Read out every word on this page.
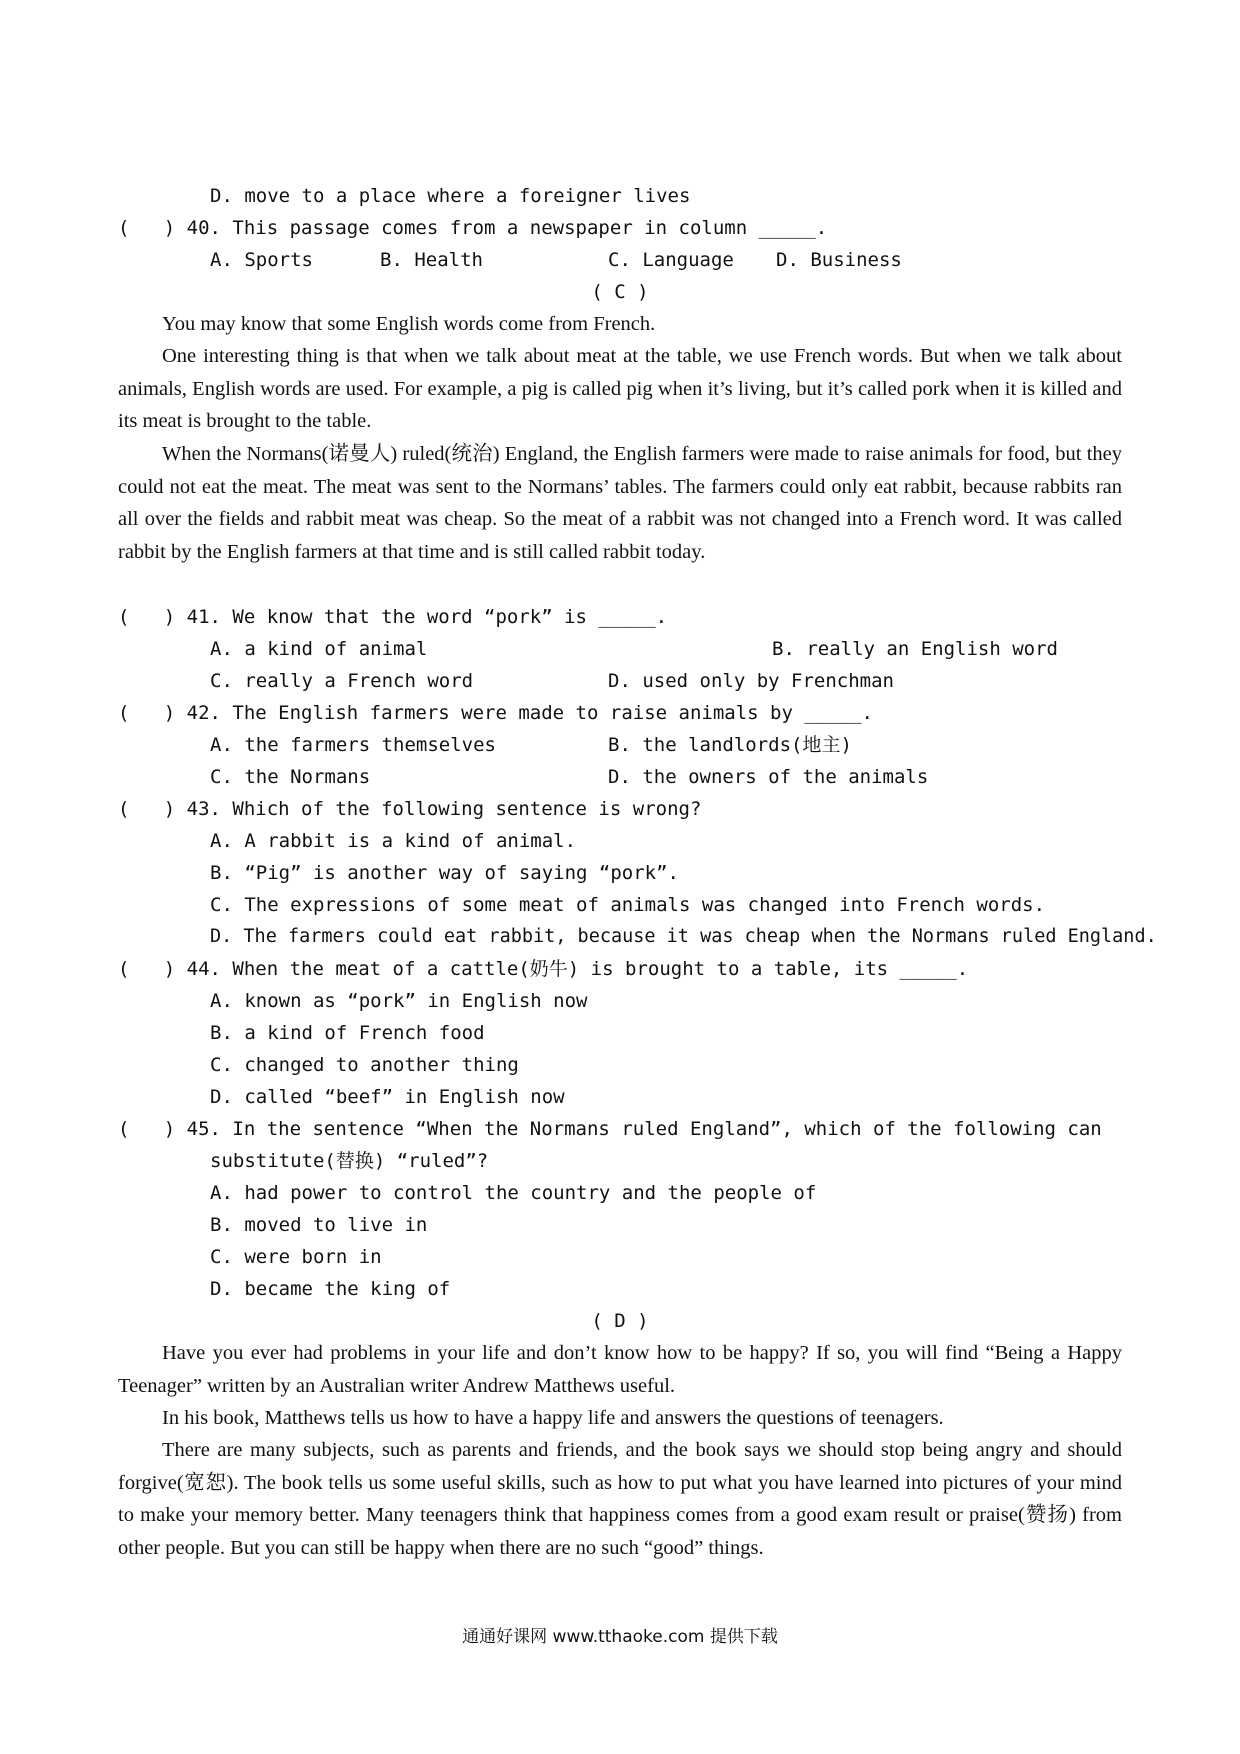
D. move to a place where a foreigner lives
(   ) 40. This passage comes from a newspaper in column _____.
A. Sports	B. Health	C. Language	D. Business
( C )

You may know that some English words come from French.

One interesting thing is that when we talk about meat at the table, we use French words. But when we talk about animals, English words are used. For example, a pig is called pig when it’s living, but it’s called pork when it is killed and its meat is brought to the table.

When the Normans(诺曼人) ruled(统治) England, the English farmers were made to raise animals for food, but they could not eat the meat. The meat was sent to the Normans’ tables. The farmers could only eat rabbit, because rabbits ran all over the fields and rabbit meat was cheap. So the meat of a rabbit was not changed into a French word. It was called rabbit by the English farmers at that time and is still called rabbit today.

(   ) 41. We know that the word “pork” is _____.
A. a kind of animal	B. really an English word
C. really a French word	D. used only by Frenchman
(   ) 42. The English farmers were made to raise animals by _____.
A. the farmers themselves	B. the landlords(地主)
C. the Normans	D. the owners of the animals
(   ) 43. Which of the following sentence is wrong?
A. A rabbit is a kind of animal.
B. “Pig” is another way of saying “pork”.
C. The expressions of some meat of animals was changed into French words.
D. The farmers could eat rabbit, because it was cheap when the Normans ruled England.
(   ) 44. When the meat of a cattle(奶牛) is brought to a table, its _____.
A. known as “pork” in English now
B. a kind of French food
C. changed to another thing
D. called “beef” in English now
(   ) 45. In the sentence “When the Normans ruled England”, which of the following can
substitute(替换) “ruled”?
A. had power to control the country and the people of
B. moved to live in
C. were born in
D. became the king of
( D )

Have you ever had problems in your life and don’t know how to be happy? If so, you will find “Being a Happy Teenager” written by an Australian writer Andrew Matthews useful.

In his book, Matthews tells us how to have a happy life and answers the questions of teenagers.

There are many subjects, such as parents and friends, and the book says we should stop being angry and should forgive(宽恕). The book tells us some useful skills, such as how to put what you have learned into pictures of your mind to make your memory better. Many teenagers think that happiness comes from a good exam result or praise(赞扬) from other people. But you can still be happy when there are no such “good” things.

通通好课网 www.tthaoke.com 提供下载
